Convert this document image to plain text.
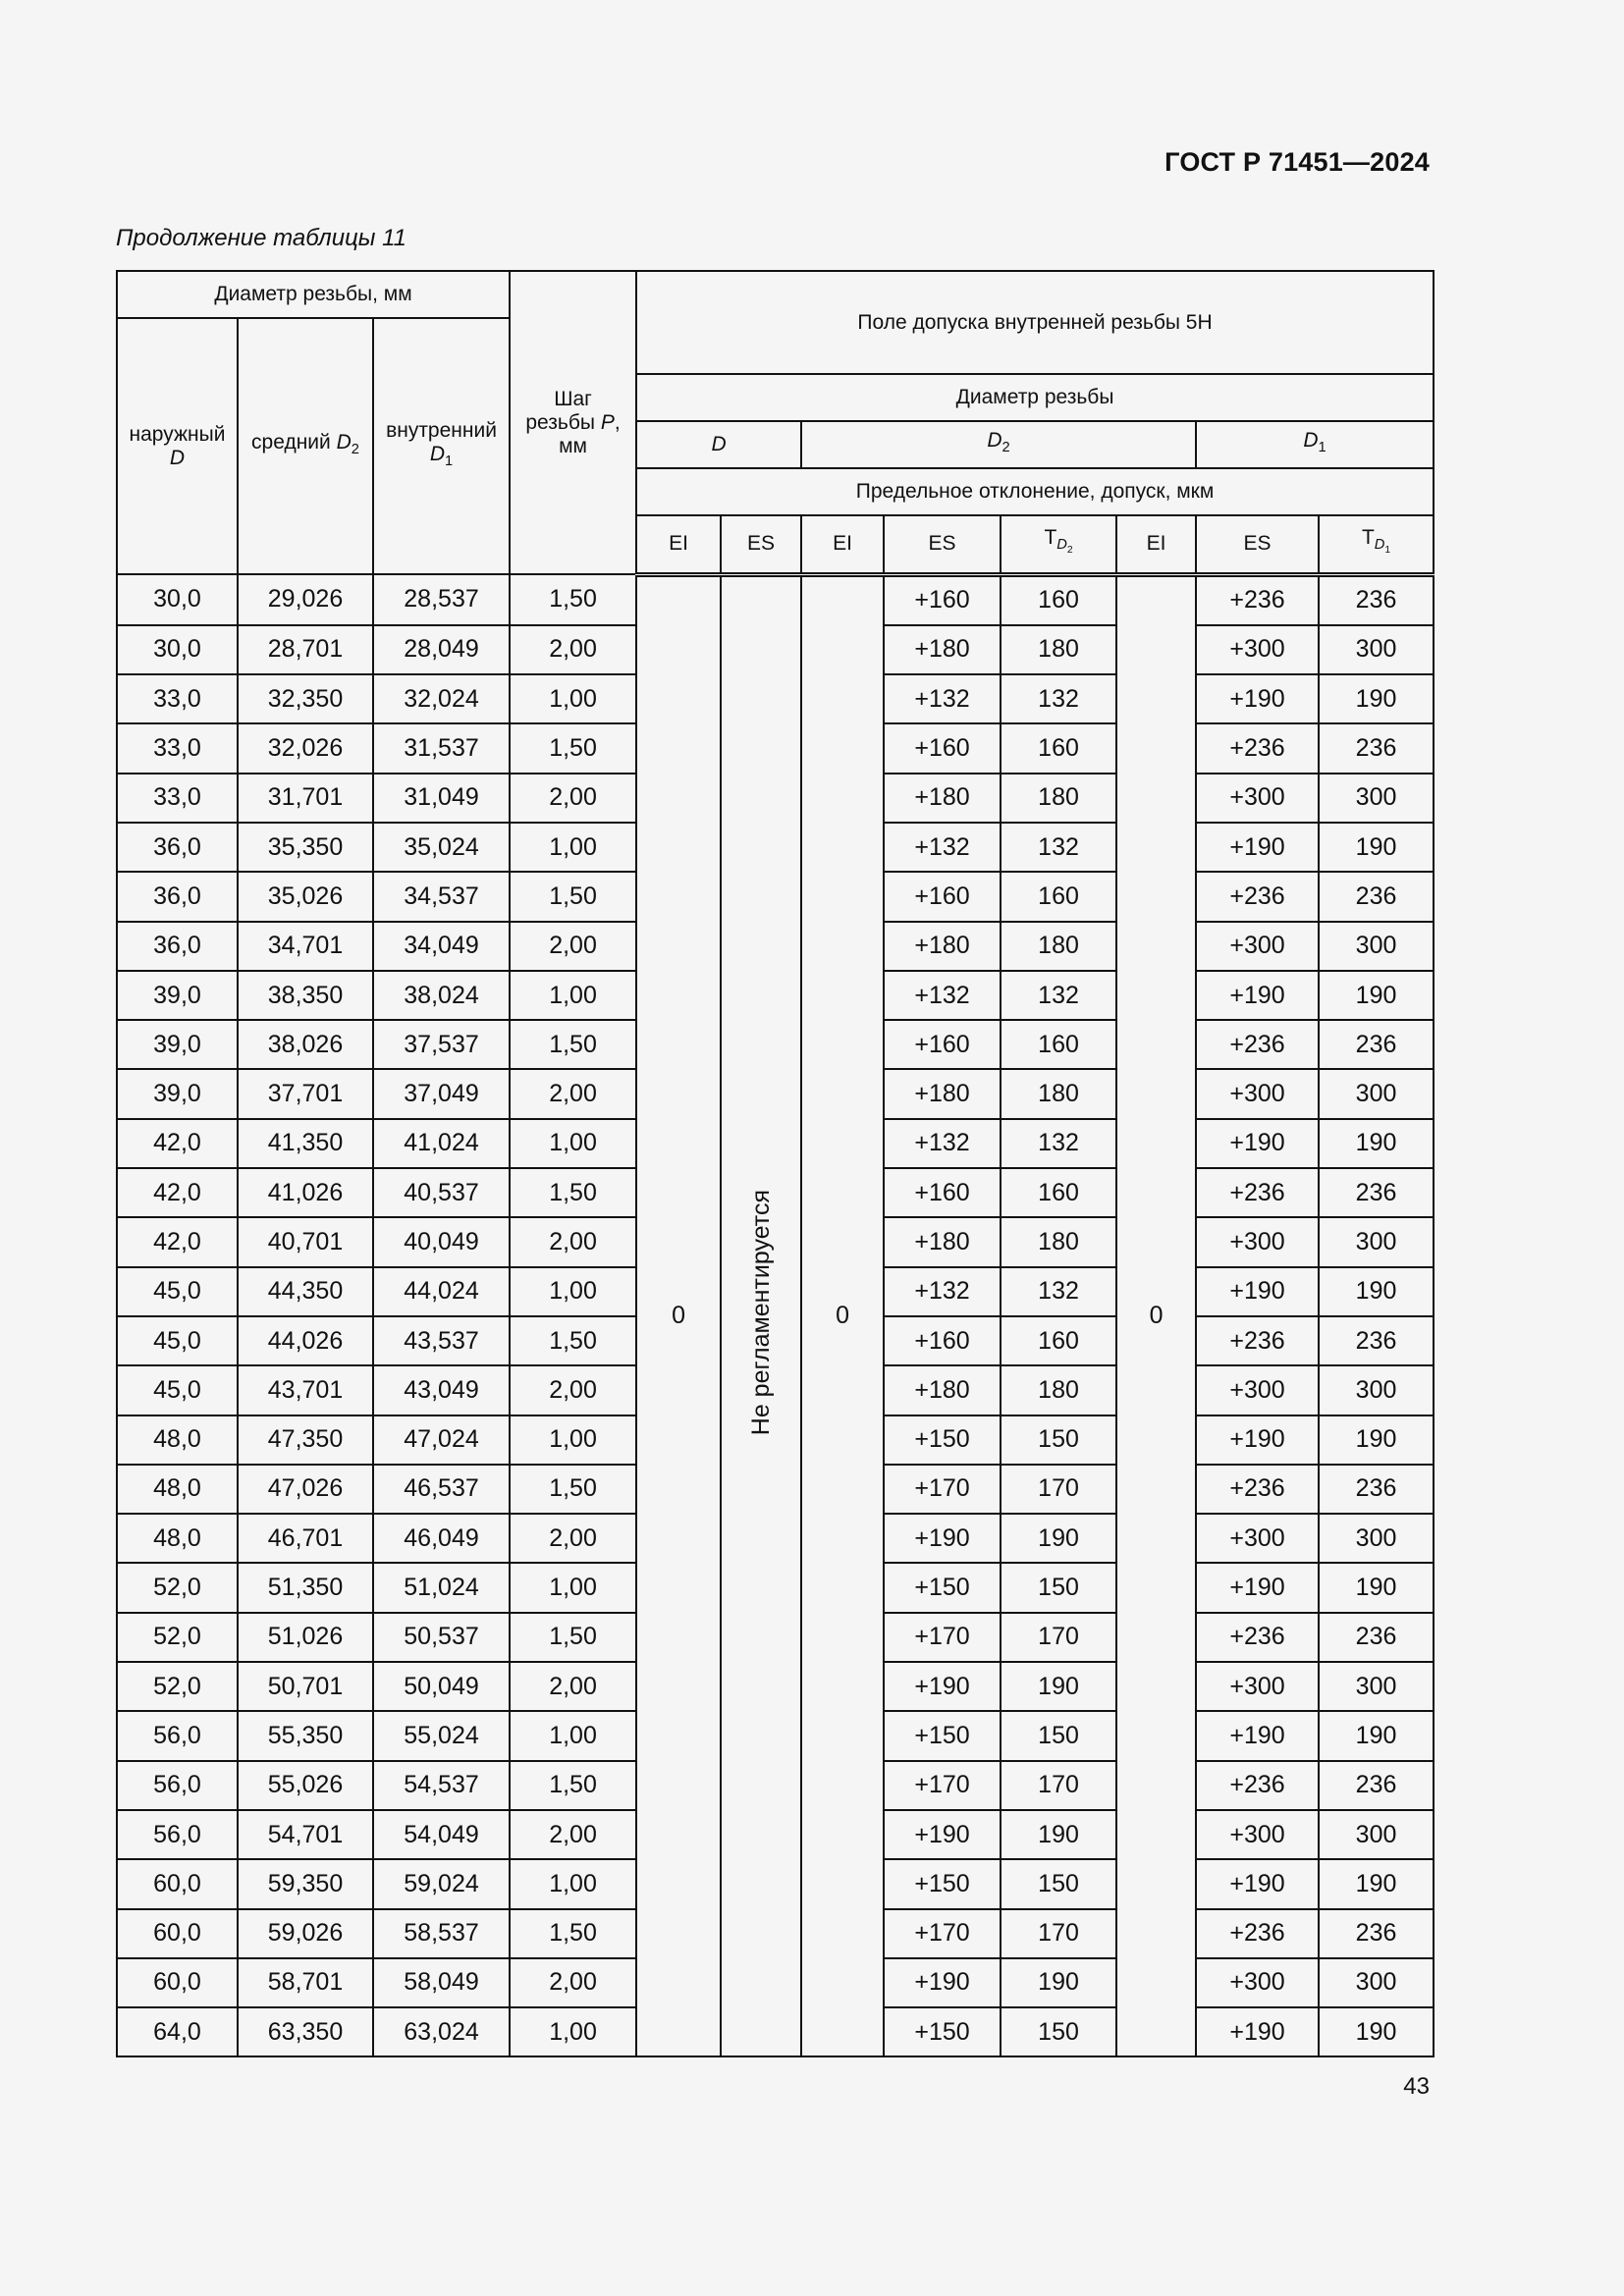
ГОСТ Р 71451—2024
Продолжение таблицы 11
Диаметр резьбы, мм			Шаг
резьбы P,
мм	Поле допуска внутренней резьбы 5H							
наружный
D	средний $D_2$	внутренний
$D_1$
				Диаметр резьбы							
				D		$D_2$				$D_1$
				Предельное отклонение, допуск, мкм							
				EI	ES	EI	ES	$T_{D_2}$	EI	ES	$T_{D_1}$
30,0	29,026	28,537	1,50	0	Не регламентируется	0	+160	160	0	+236	236
30,0	28,701	28,049	2,00				+180	180		+300	300
33,0	32,350	32,024	1,00				+132	132		+190	190
33,0	32,026	31,537	1,50				+160	160		+236	236
33,0	31,701	31,049	2,00				+180	180		+300	300
36,0	35,350	35,024	1,00				+132	132		+190	190
36,0	35,026	34,537	1,50				+160	160		+236	236
36,0	34,701	34,049	2,00				+180	180		+300	300
39,0	38,350	38,024	1,00				+132	132		+190	190
39,0	38,026	37,537	1,50				+160	160		+236	236
39,0	37,701	37,049	2,00				+180	180		+300	300
42,0	41,350	41,024	1,00				+132	132		+190	190
42,0	41,026	40,537	1,50				+160	160		+236	236
42,0	40,701	40,049	2,00				+180	180		+300	300
45,0	44,350	44,024	1,00				+132	132		+190	190
45,0	44,026	43,537	1,50				+160	160		+236	236
45,0	43,701	43,049	2,00				+180	180		+300	300
48,0	47,350	47,024	1,00				+150	150		+190	190
48,0	47,026	46,537	1,50				+170	170		+236	236
48,0	46,701	46,049	2,00				+190	190		+300	300
52,0	51,350	51,024	1,00				+150	150		+190	190
52,0	51,026	50,537	1,50				+170	170		+236	236
52,0	50,701	50,049	2,00				+190	190		+300	300
56,0	55,350	55,024	1,00				+150	150		+190	190
56,0	55,026	54,537	1,50				+170	170		+236	236
56,0	54,701	54,049	2,00				+190	190		+300	300
60,0	59,350	59,024	1,00				+150	150		+190	190
60,0	59,026	58,537	1,50				+170	170		+236	236
60,0	58,701	58,049	2,00				+190	190		+300	300
64,0	63,350	63,024	1,00				+150	150		+190	190
43
